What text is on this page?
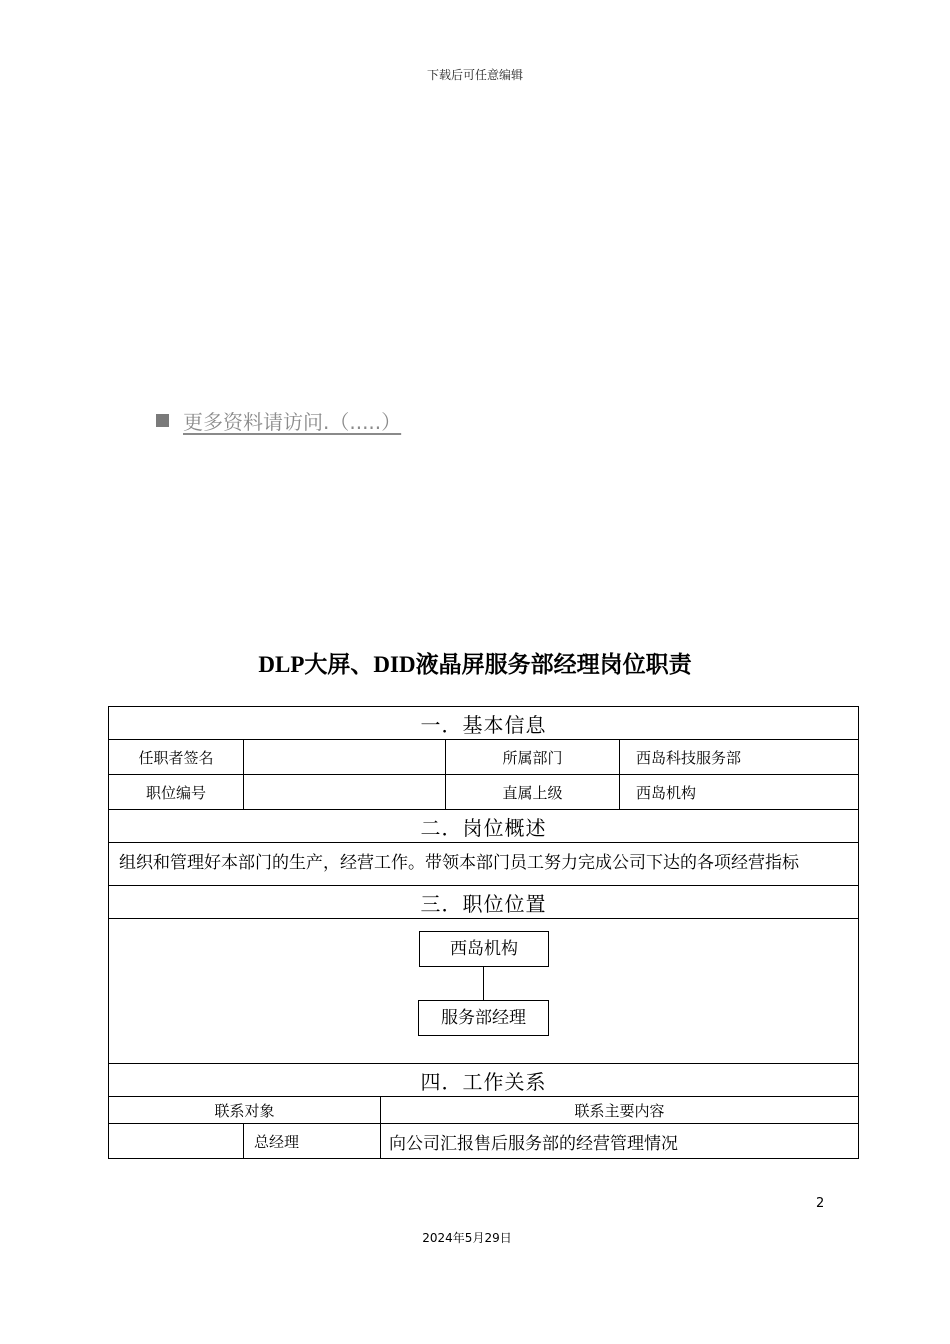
下载后可任意编辑
更多资料请访问.（.....）
DLP大屏、DID液晶屏服务部经理岗位职责
一．基本信息				
任职者签名			所属部门	西岛科技服务部
职位编号			直属上级	西岛机构
二．岗位概述				
组织和管理好本部门的生产，经营工作。带领本部门员工努力完成公司下达的各项经营指标				
三．职位位置				

西岛机构
服务部经理				

四．工作关系				
联系对象		联系主要内容		
	总经理	向公司汇报售后服务部的经营管理情况		
2
2024年5月29日
